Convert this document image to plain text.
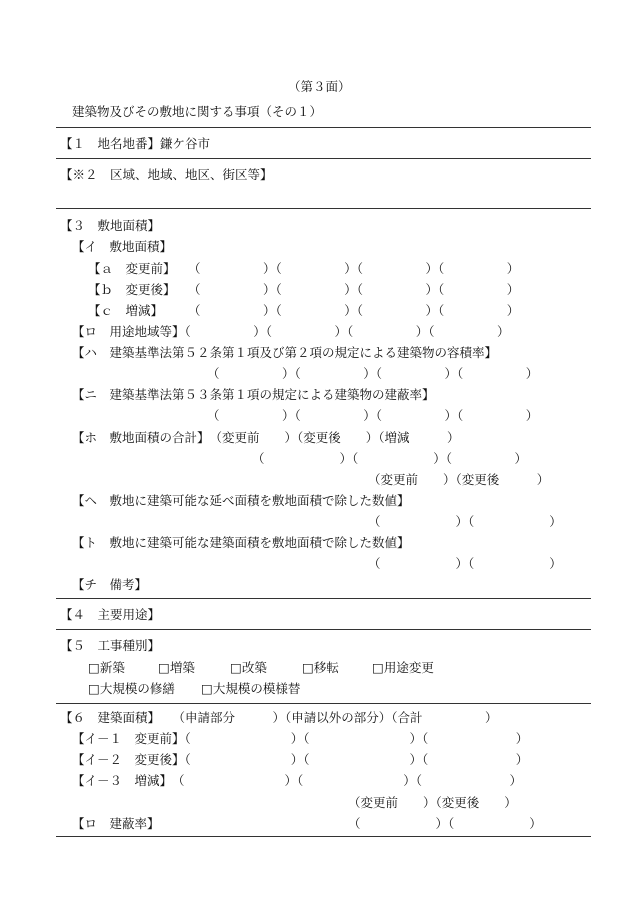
（第３面）
建築物及びその敷地に関する事項（その１）
【１　地名地番】鎌ケ谷市
【※２　区域、地域、地区、街区等】
【３　敷地面積】
【イ　敷地面積】
【ａ　変更前】　　（　　　　　）（　　　　　）（　　　　　）（　　　　　）
【ｂ　変更後】　　（　　　　　）（　　　　　）（　　　　　）（　　　　　）
【ｃ　増減】　　　（　　　　　）（　　　　　）（　　　　　）（　　　　　）
【ロ　用途地域等】（　　　　　）（　　　　　）（　　　　　）（　　　　　）
【ハ　建築基準法第５２条第１項及び第２項の規定による建築物の容積率】
（　　　　　）（　　　　　）（　　　　　）（　　　　　）
【ニ　建築基準法第５３条第１項の規定による建築物の建蔽率】
（　　　　　）（　　　　　）（　　　　　）（　　　　　）
【ホ　敷地面積の合計】　（変更前　　）（変更後　　）（増減　　　）
（　　　　　　）（　　　　　　）（　　　　　）
（変更前　　）（変更後　　　）
【ヘ　敷地に建築可能な延べ面積を敷地面積で除した数値】
（　　　　　　）（　　　　　　）
【ト　敷地に建築可能な建築面積を敷地面積で除した数値】
（　　　　　　）（　　　　　　）
【チ　備考】
【４　主要用途】
【５　工事種別】
□新築	□増築	□改築	□移転	□用途変更
□大規模の修繕 □大規模の模様替
【６　建築面積】　　（申請部分　　　）（申請以外の部分）（合計　　　　　）
【イ－１　変更前】（　　　　　　　　）（　　　　　　　　）（　　　　　　　）
【イ－２　変更後】（　　　　　　　　）（　　　　　　　　）（　　　　　　　）
【イ－３　増減】　（　　　　　　　　）（　　　　　　　　）（　　　　　　　）
（変更前　　）（変更後　　）
【ロ　建蔽率】	（　　　　　　）（　　　　　　）
